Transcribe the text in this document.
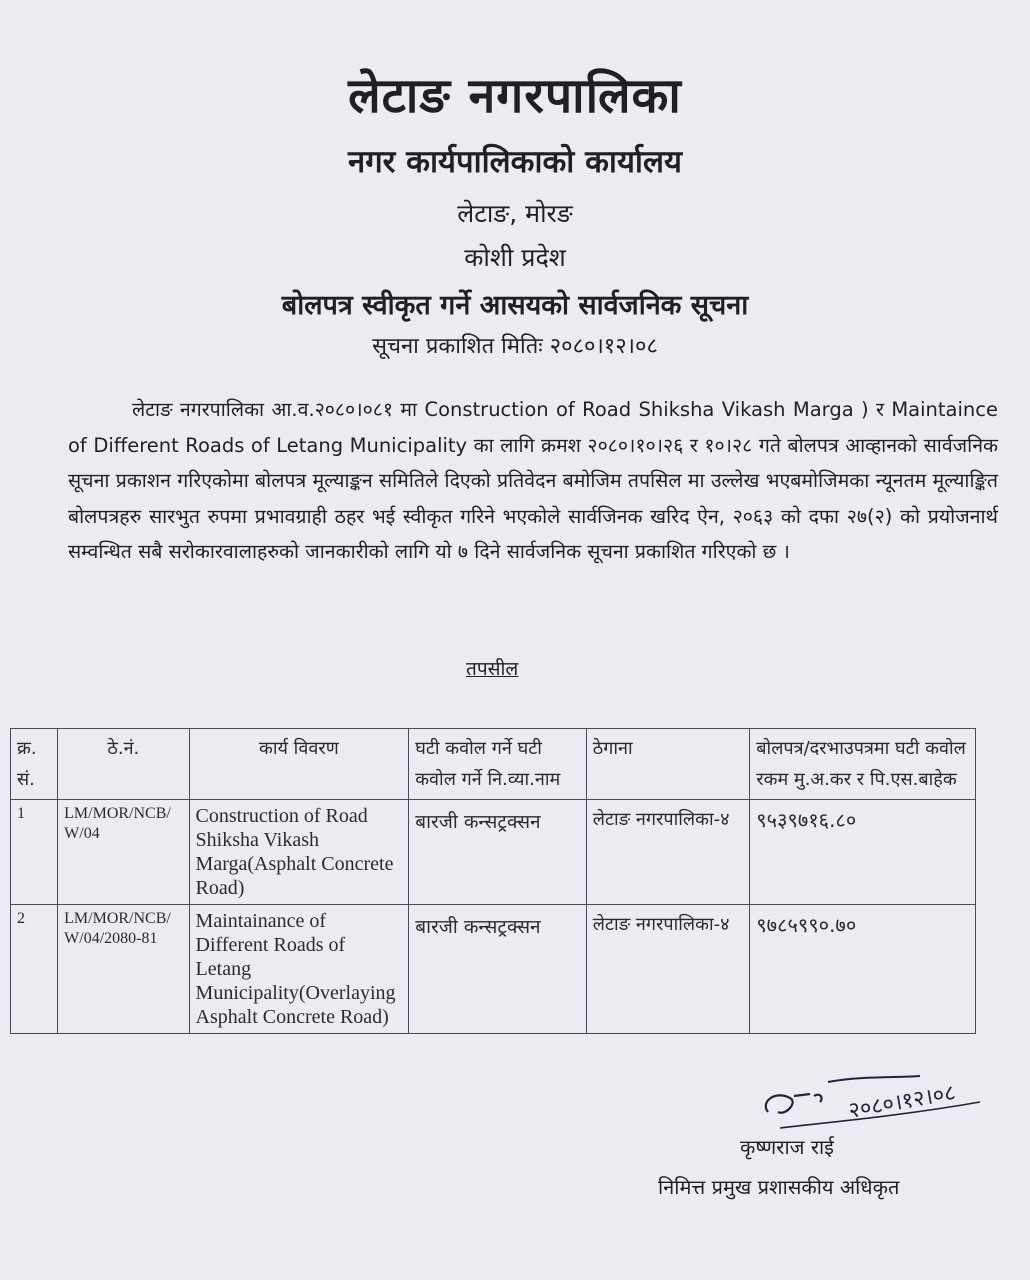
लेटाङ नगरपालिका
नगर कार्यपालिकाको कार्यालय
लेटाङ, मोरङ
कोशी प्रदेश
बोलपत्र स्वीकृत गर्ने आसयको सार्वजनिक सूचना
सूचना प्रकाशित मितिः २०८०।१२।०८

लेटाङ नगरपालिका आ.व.२०८०।०८१ मा Construction of Road Shiksha Vikash Marga ) र Maintaince of Different Roads of Letang Municipality का लागि क्रमश २०८०।१०।२६ र १०।२८ गते बोलपत्र आव्हानको सार्वजनिक सूचना प्रकाशन गरिएकोमा बोलपत्र मूल्याङ्कन समितिले दिएको प्रतिवेदन बमोजिम तपसिल मा उल्लेख भएबमोजिमका न्यूनतम मूल्याङ्कित बोलपत्रहरु सारभुत रुपमा प्रभावग्राही ठहर भई स्वीकृत गरिने भएकोले सार्वजिनक खरिद ऐन, २०६३ को दफा २७(२) को प्रयोजनार्थ सम्वन्धित सबै सरोकारवालाहरुको जानकारीको लागि यो ७ दिने सार्वजनिक सूचना प्रकाशित गरिएको छ ।

तपसील
क्र. सं.	ठे.नं.	कार्य विवरण	घटी कवोल गर्ने घटी कवोल गर्ने नि.व्या.नाम	ठेगाना	बोलपत्र/दरभाउपत्रमा घटी कवोल रकम मु.अ.कर र पि.एस.बाहेक
1	LM/MOR/NCB/ W/04	Construction of Road Shiksha Vikash Marga(Asphalt Concrete Road)	बारजी कन्सट्रक्सन	लेटाङ नगरपालिका-४	९५३९७१६.८०
2	LM/MOR/NCB/ W/04/2080-81	Maintainance of Different Roads of Letang Municipality(Overlaying Asphalt Concrete Road)	बारजी कन्सट्रक्सन	लेटाङ नगरपालिका-४	९७८५९९०.७०
२०८०।१२।०८
कृष्णराज राई
निमित्त प्रमुख प्रशासकीय अधिकृत
